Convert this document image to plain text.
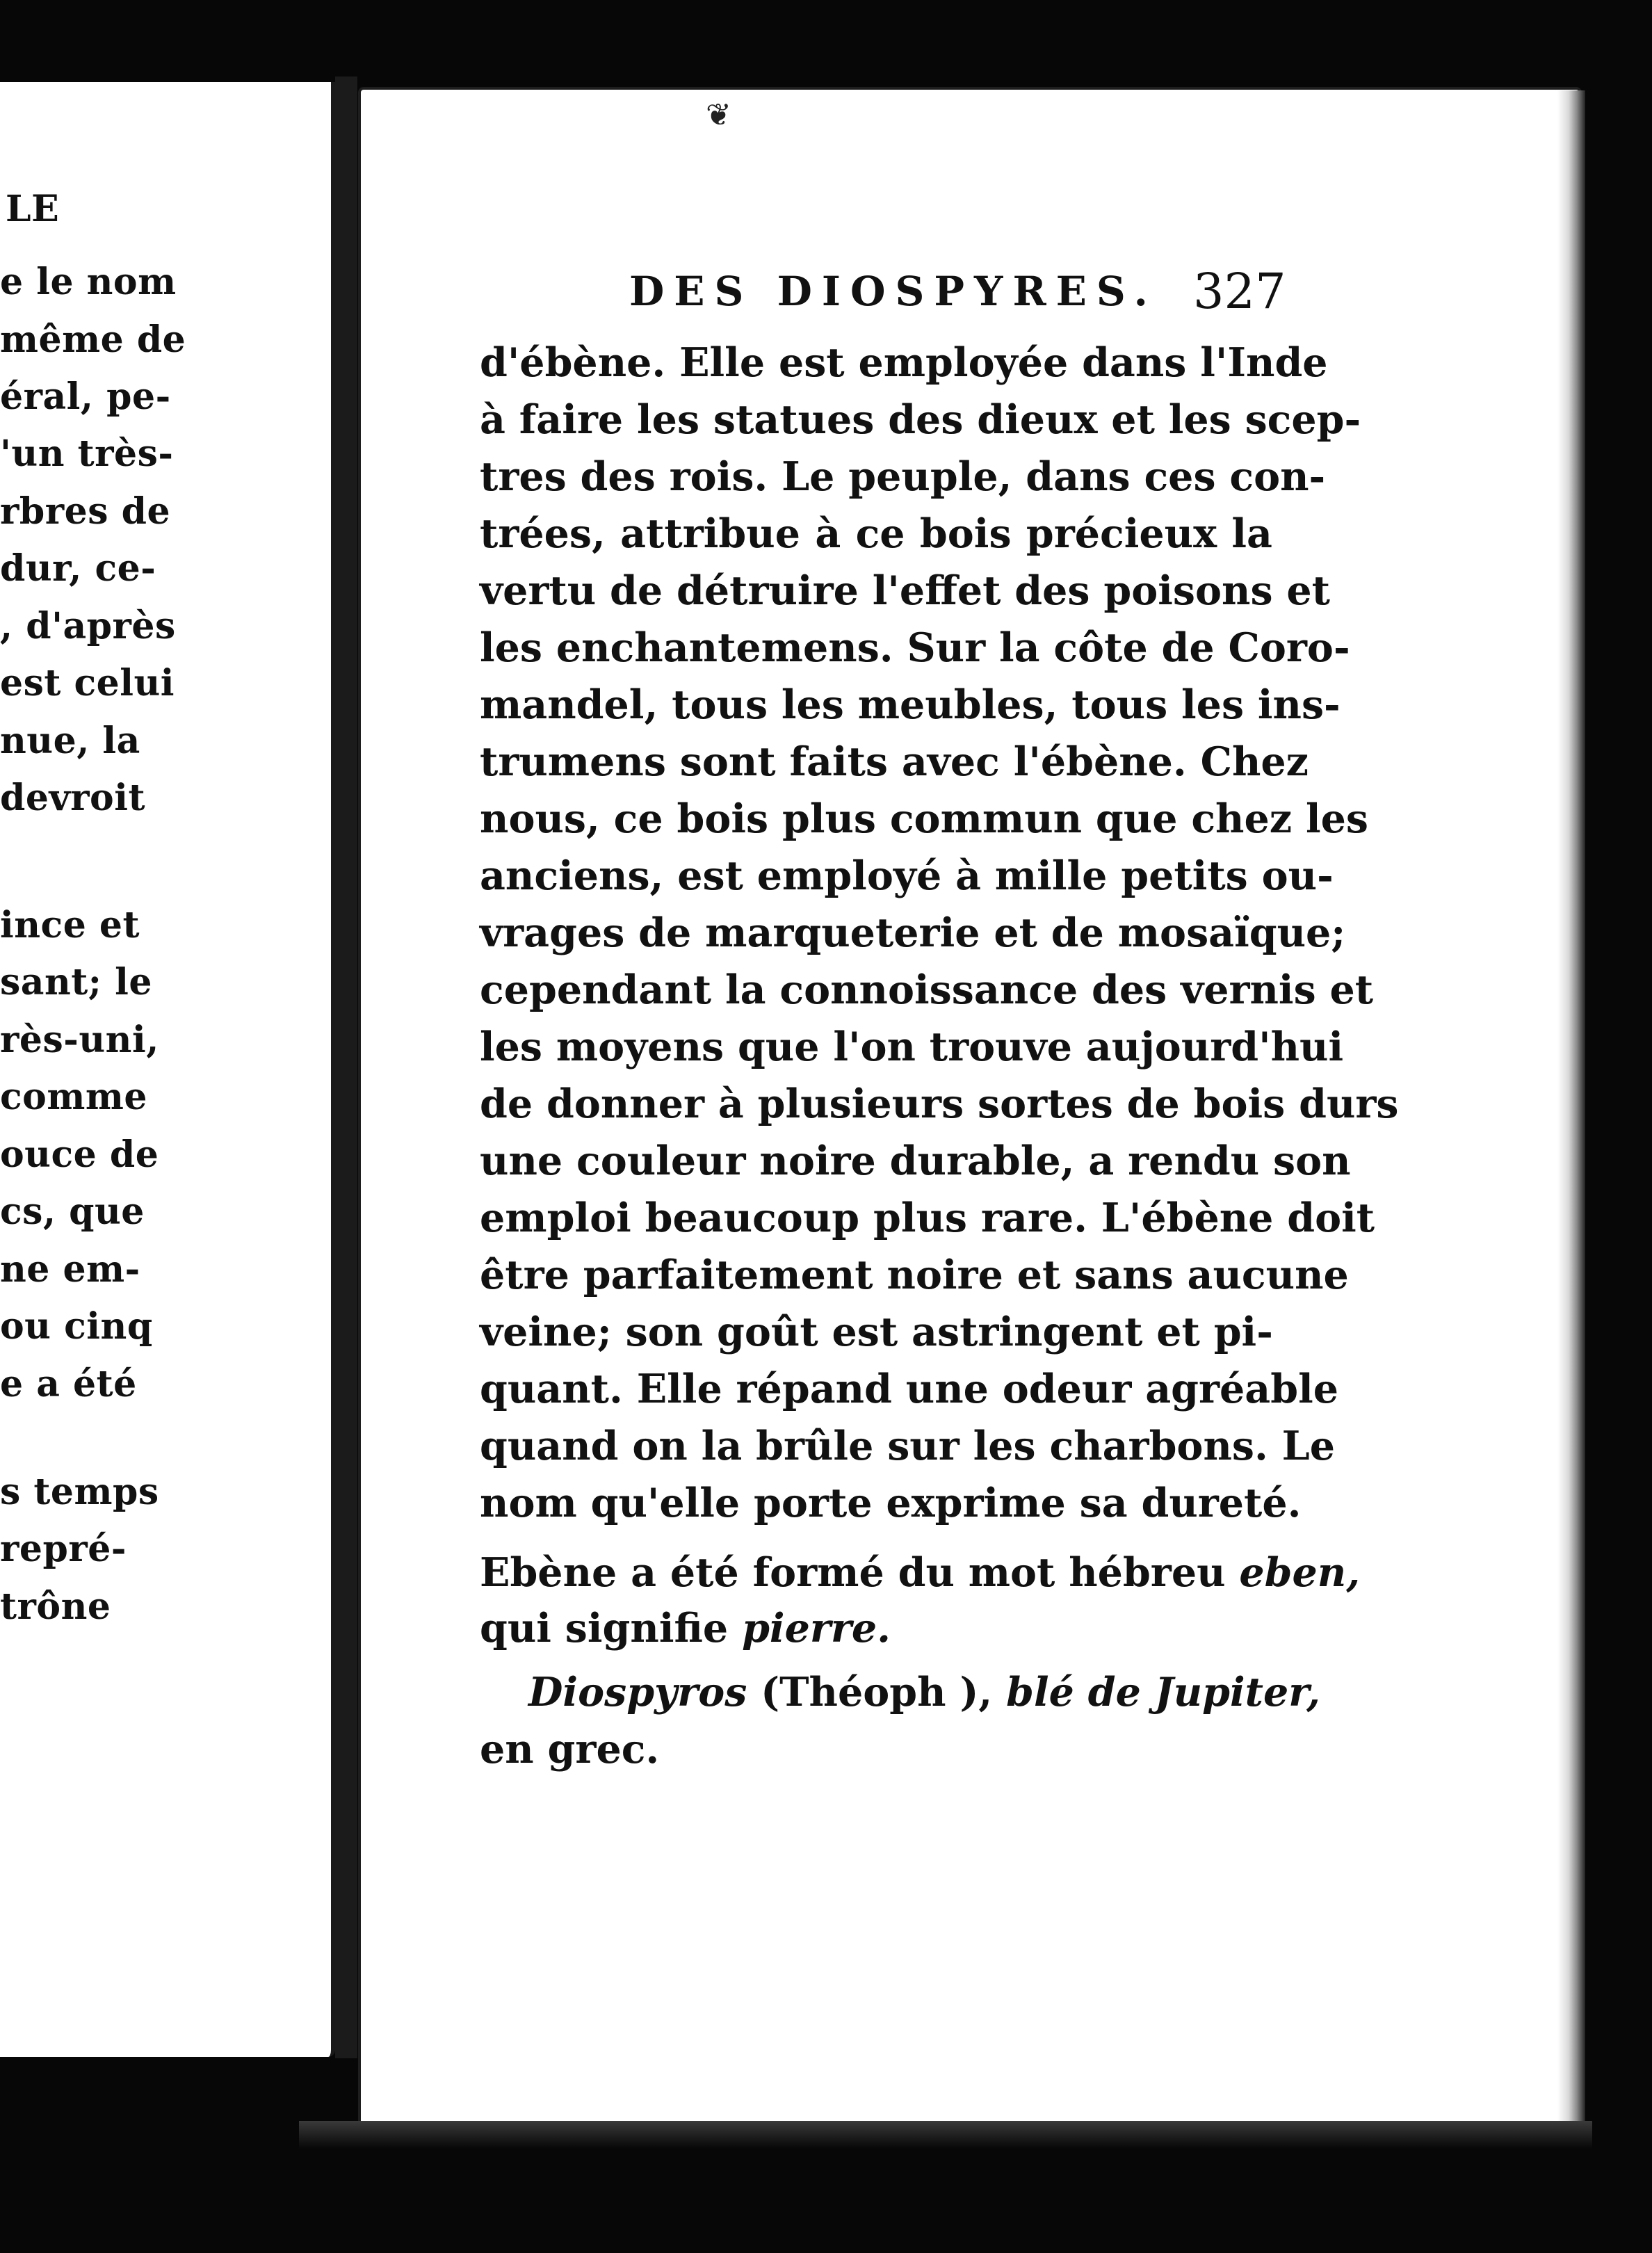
LE
e le nom
même de
éral, pe-
'un très-
rbres de
dur, ce-
, d'après
est celui
nue, la
devroit
ince et
sant; le
rès-uni,
comme
ouce de
cs, que
ne em-
ou cinq
e a été
s temps
repré-
trône
❦
DES DIOSPYRES. 327
d'ébène. Elle est employée dans l'Inde
à faire les statues des dieux et les scep-
tres des rois. Le peuple, dans ces con-
trées, attribue à ce bois précieux la
vertu de détruire l'effet des poisons et
les enchantemens. Sur la côte de Coro-
mandel, tous les meubles, tous les ins-
trumens sont faits avec l'ébène. Chez
nous, ce bois plus commun que chez les
anciens, est employé à mille petits ou-
vrages de marqueterie et de mosaïque;
cependant la connoissance des vernis et
les moyens que l'on trouve aujourd'hui
de donner à plusieurs sortes de bois durs
une couleur noire durable, a rendu son
emploi beaucoup plus rare. L'ébène doit
être parfaitement noire et sans aucune
veine; son goût est astringent et pi-
quant. Elle répand une odeur agréable
quand on la brûle sur les charbons. Le
nom qu'elle porte exprime sa dureté.
Ebène a été formé du mot hébreu eben,
qui signifie pierre.
Diospyros (Théoph ), blé de Jupiter,
en grec.
